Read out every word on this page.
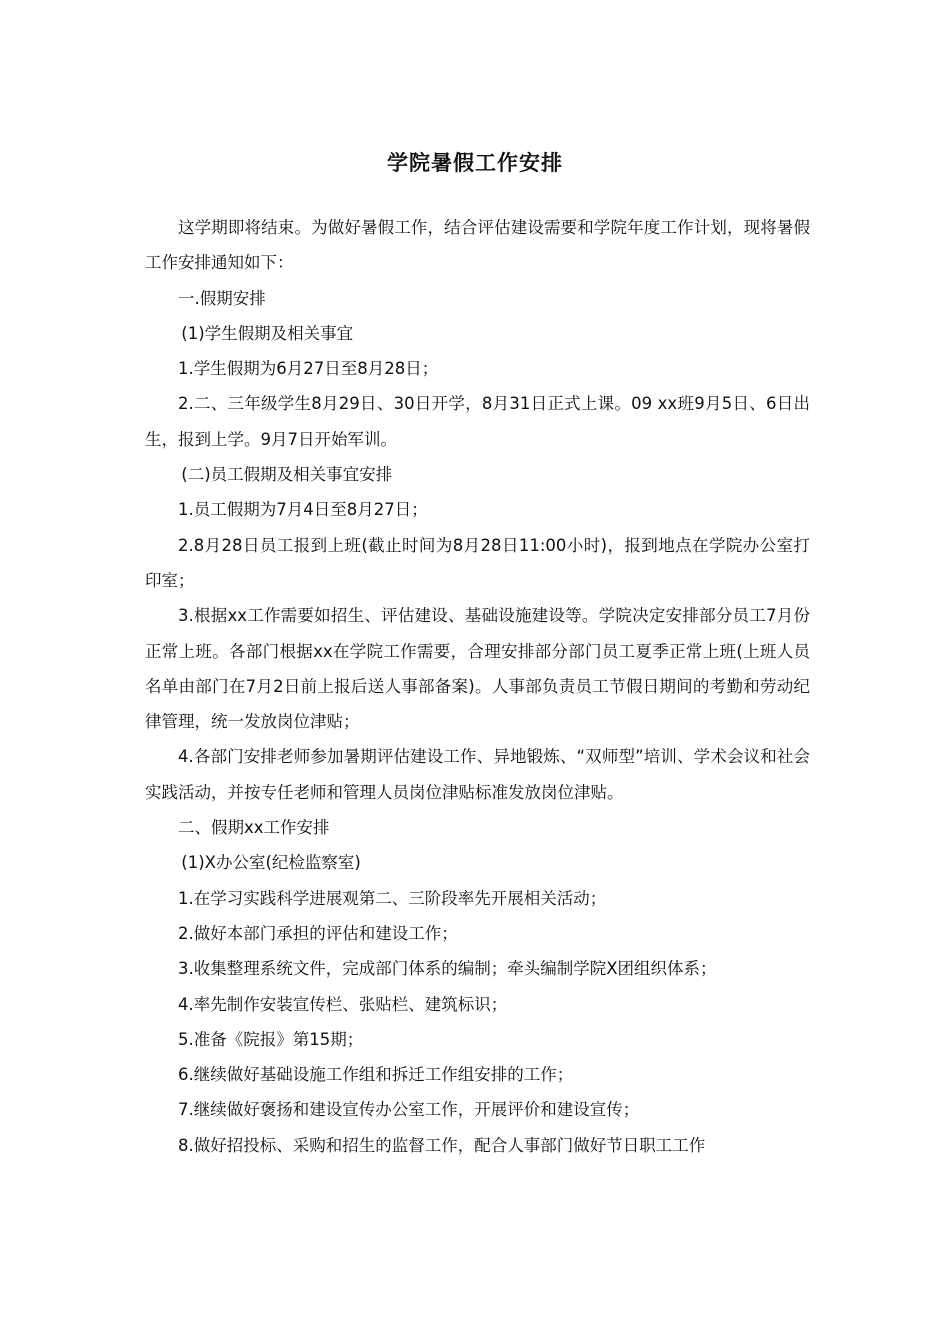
学院暑假工作安排

这学期即将结束。为做好暑假工作，结合评估建设需要和学院年度工作计划，现将暑假工作安排通知如下：

一.假期安排

(1)学生假期及相关事宜

1.学生假期为6月27日至8月28日；

2.二、三年级学生8月29日、30日开学，8月31日正式上课。09 xx班9月5日、6日出生，报到上学。9月7日开始军训。

(二)员工假期及相关事宜安排

1.员工假期为7月4日至8月27日；

2.8月28日员工报到上班(截止时间为8月28日11:00小时)，报到地点在学院办公室打印室；

3.根据xx工作需要如招生、评估建设、基础设施建设等。学院决定安排部分员工7月份正常上班。各部门根据xx在学院工作需要，合理安排部分部门员工夏季正常上班(上班人员名单由部门在7月2日前上报后送人事部备案)。人事部负责员工节假日期间的考勤和劳动纪律管理，统一发放岗位津贴；

4.各部门安排老师参加暑期评估建设工作、异地锻炼、“双师型”培训、学术会议和社会实践活动，并按专任老师和管理人员岗位津贴标准发放岗位津贴。

二、假期xx工作安排

(1)X办公室(纪检监察室)

1.在学习实践科学进展观第二、三阶段率先开展相关活动；

2.做好本部门承担的评估和建设工作；

3.收集整理系统文件，完成部门体系的编制；牵头编制学院X团组织体系；

4.率先制作安装宣传栏、张贴栏、建筑标识；

5.准备《院报》第15期；

6.继续做好基础设施工作组和拆迁工作组安排的工作；

7.继续做好褒扬和建设宣传办公室工作，开展评价和建设宣传；

8.做好招投标、采购和招生的监督工作，配合人事部门做好节日职工工作
